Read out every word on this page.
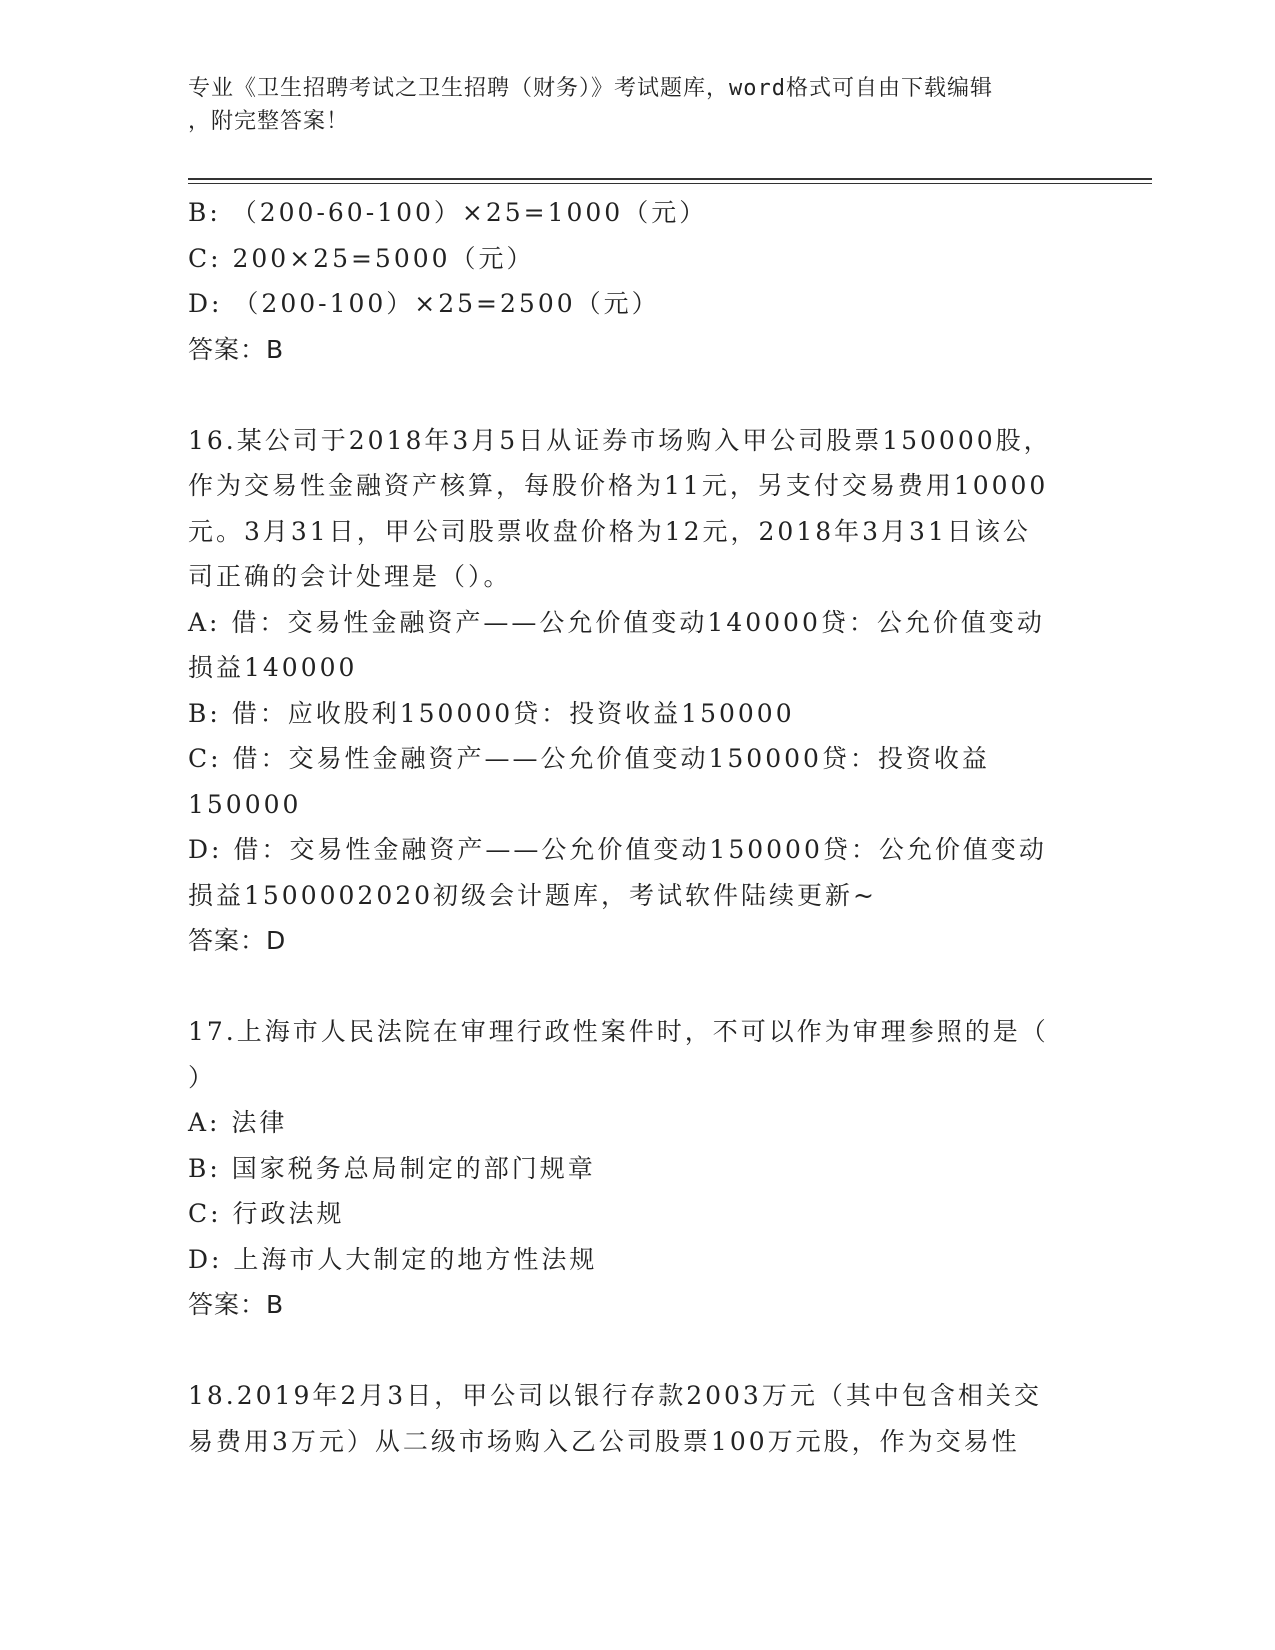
专业《卫生招聘考试之卫生招聘（财务）》考试题库，word格式可自由下载编辑
，附完整答案！
B: （200-60-100）×25=1000（元）
C: 200×25=5000（元）
D: （200-100）×25=2500（元）
答案：B
16.某公司于2018年3月5日从证券市场购入甲公司股票150000股，
作为交易性金融资产核算，每股价格为11元，另支付交易费用10000
元。3月31日，甲公司股票收盘价格为12元，2018年3月31日该公
司正确的会计处理是（）。
A: 借：交易性金融资产——公允价值变动140000贷：公允价值变动
损益140000
B: 借：应收股利150000贷：投资收益150000
C: 借：交易性金融资产——公允价值变动150000贷：投资收益
150000
D: 借：交易性金融资产——公允价值变动150000贷：公允价值变动
损益1500002020初级会计题库，考试软件陆续更新~
答案：D
17.上海市人民法院在审理行政性案件时，不可以作为审理参照的是（
）
A: 法律
B: 国家税务总局制定的部门规章
C: 行政法规
D: 上海市人大制定的地方性法规
答案：B
18.2019年2月3日，甲公司以银行存款2003万元（其中包含相关交
易费用3万元）从二级市场购入乙公司股票100万元股，作为交易性
